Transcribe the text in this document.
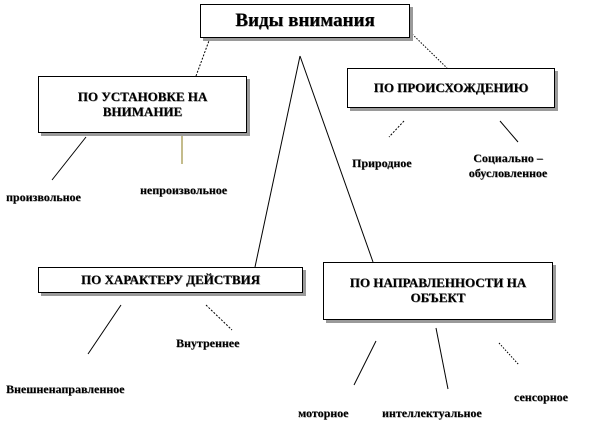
Виды внимания
ПО УСТАНОВКЕ НА ВНИМАНИЕ
ПО ПРОИСХОЖДЕНИЮ
ПО ХАРАКТЕРУ ДЕЙСТВИЯ	ПО НАПРАВЛЕННОСТИ НА ОБЪЕКТ
произвольное	непроизвольное
Природное	Социально – обусловленное
Внутреннее
Внешненаправленное
моторное	интеллектуальное
сенсорное
